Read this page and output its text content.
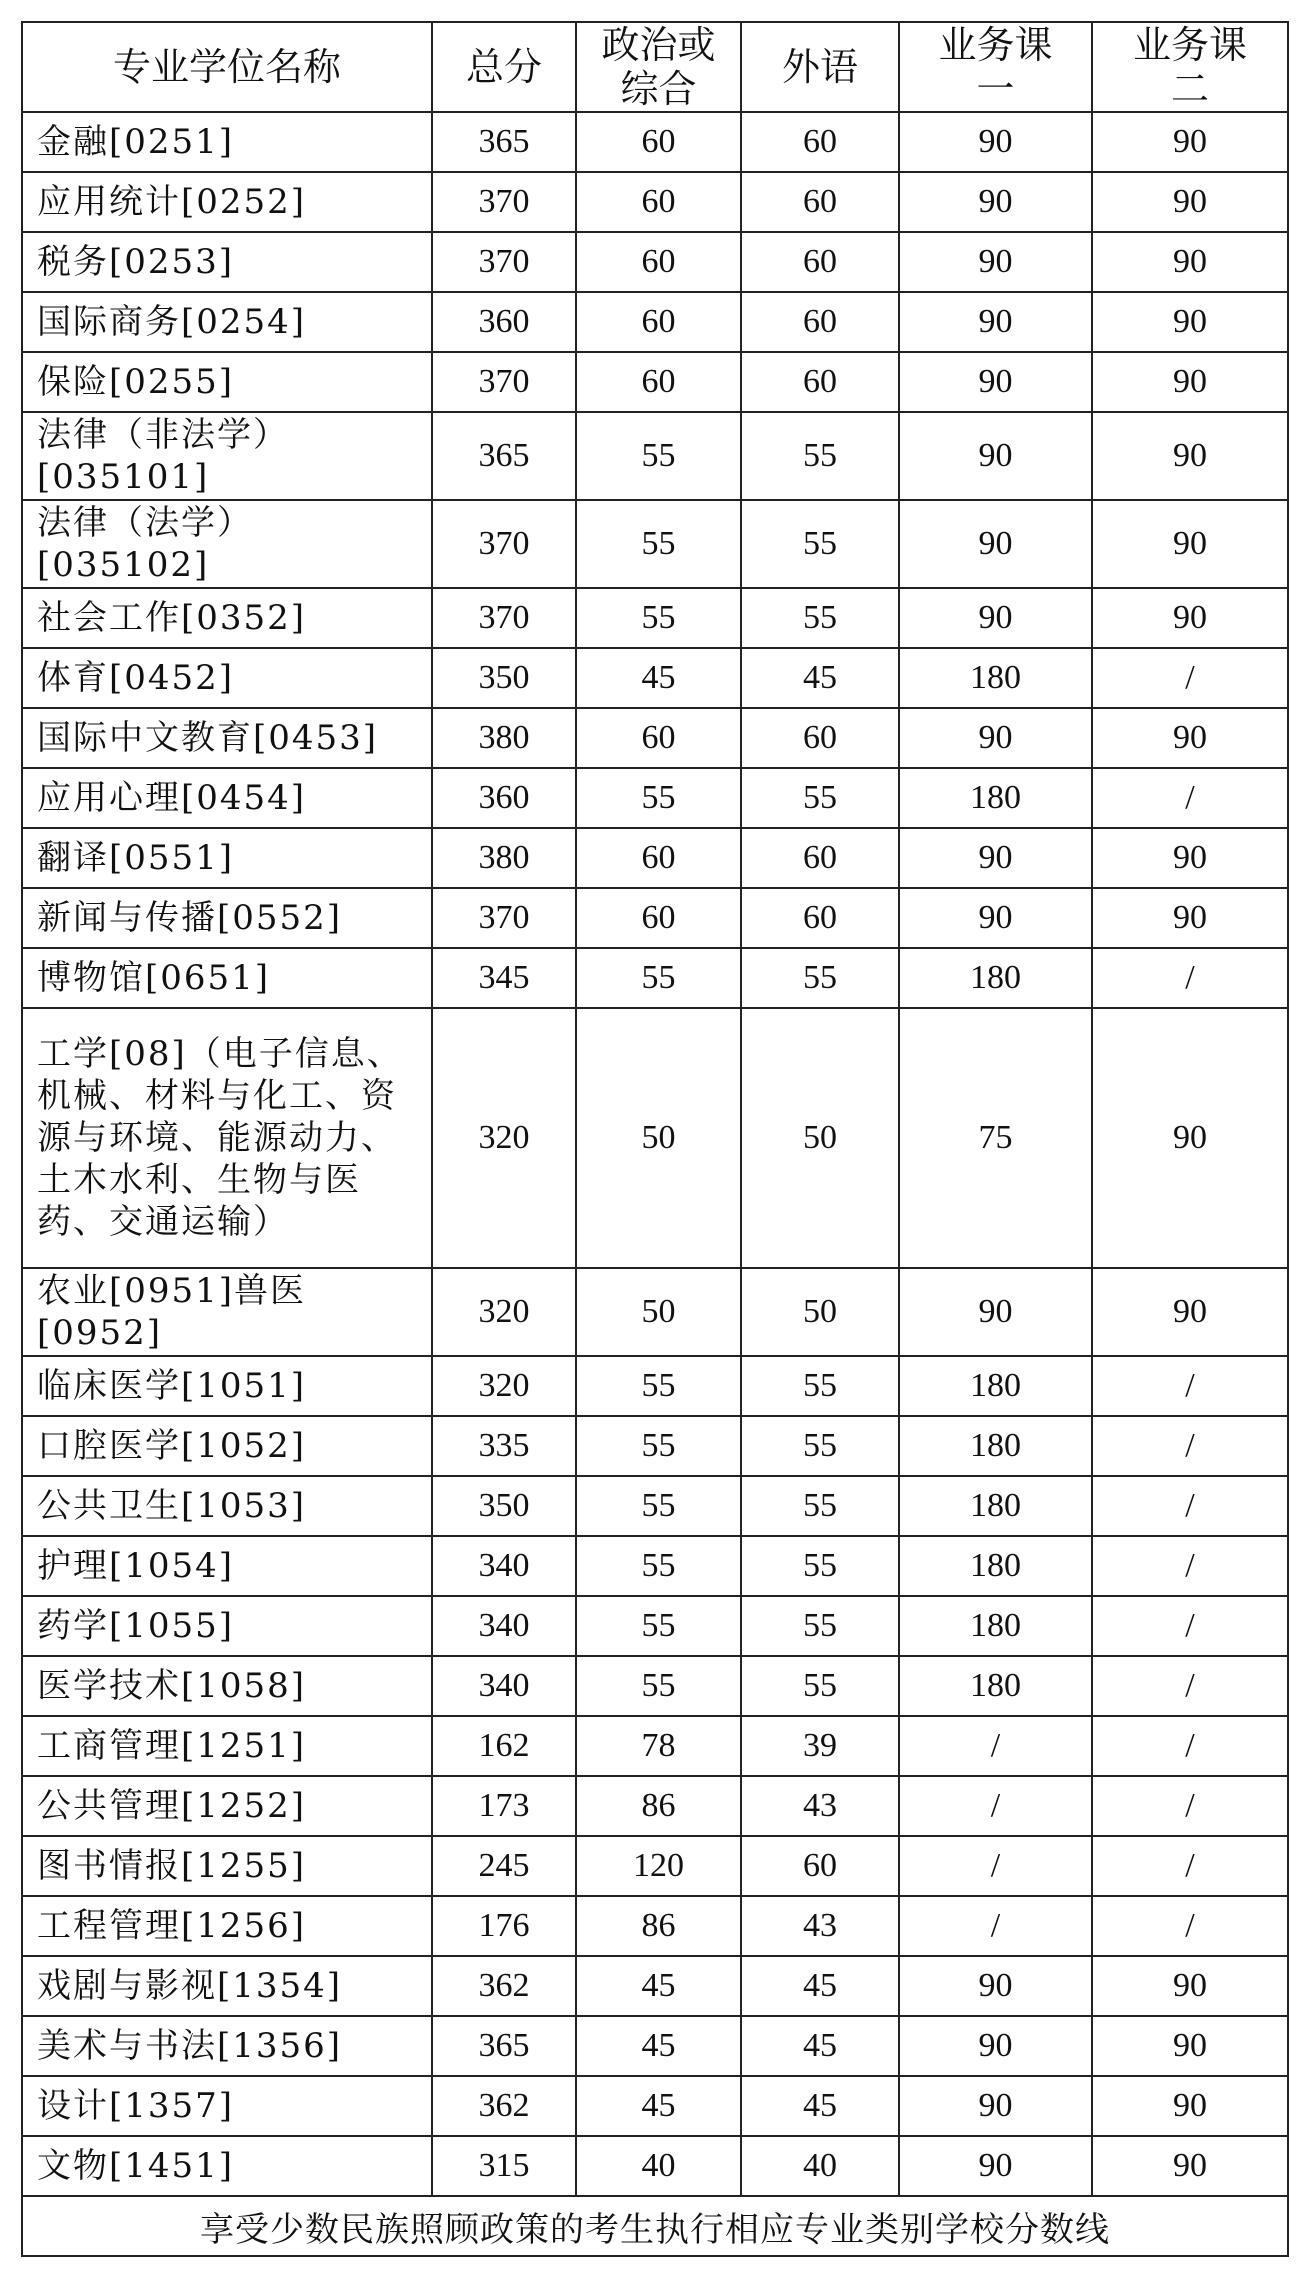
专业学位名称	总分	政治或综合	外语	业务课一	业务课二
金融[0251]	365	60	60	90	90
应用统计[0252]	370	60	60	90	90
税务[0253]	370	60	60	90	90
国际商务[0254]	360	60	60	90	90
保险[0255]	370	60	60	90	90
法律（非法学）[035101]	365	55	55	90	90
法律（法学）[035102]	370	55	55	90	90
社会工作[0352]	370	55	55	90	90
体育[0452]	350	45	45	180	/
国际中文教育[0453]	380	60	60	90	90
应用心理[0454]	360	55	55	180	/
翻译[0551]	380	60	60	90	90
新闻与传播[0552]	370	60	60	90	90
博物馆[0651]	345	55	55	180	/
工学[08]（电子信息、机械、材料与化工、资源与环境、能源动力、土木水利、生物与医药、交通运输）	320	50	50	75	90
农业[0951]兽医[0952]	320	50	50	90	90
临床医学[1051]	320	55	55	180	/
口腔医学[1052]	335	55	55	180	/
公共卫生[1053]	350	55	55	180	/
护理[1054]	340	55	55	180	/
药学[1055]	340	55	55	180	/
医学技术[1058]	340	55	55	180	/
工商管理[1251]	162	78	39	/	/
公共管理[1252]	173	86	43	/	/
图书情报[1255]	245	120	60	/	/
工程管理[1256]	176	86	43	/	/
戏剧与影视[1354]	362	45	45	90	90
美术与书法[1356]	365	45	45	90	90
设计[1357]	362	45	45	90	90
文物[1451]	315	40	40	90	90
享受少数民族照顾政策的考生执行相应专业类别学校分数线					
